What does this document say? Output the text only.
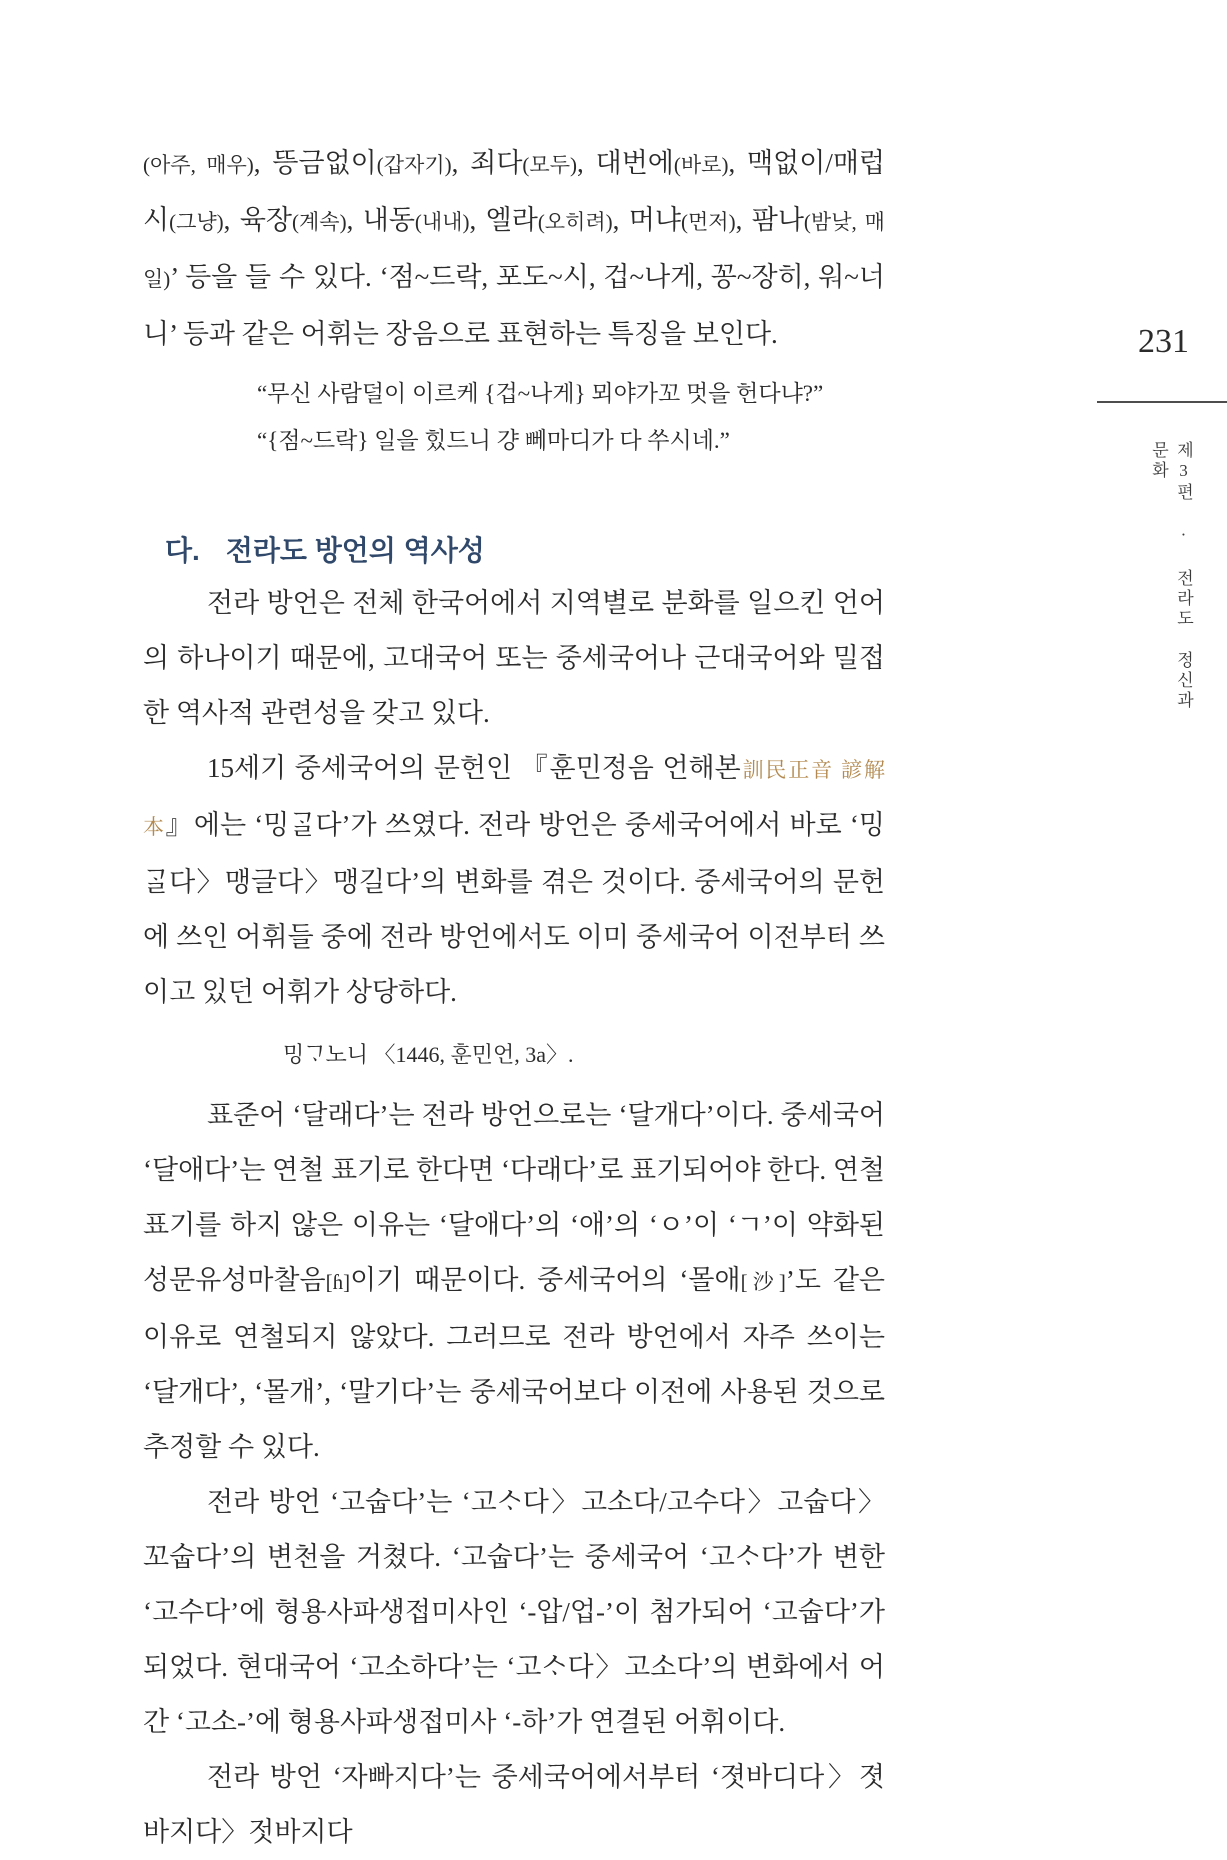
(아주, 매우), 뜽금없이(갑자기), 죄다(모두), 대번에(바로), 맥없이/매럽시(그냥), 육장(계속), 내동(내내), 엘라(오히려), 머냐(먼저), 팜나(밤낮, 매일)’ 등을 들 수 있다. ‘점~드락, 포도~시, 겁~나게, 꽁~장히, 워~너니’ 등과 같은 어휘는 장음으로 표현하는 특징을 보인다.

“무신 사람덜이 이르케 {겁~나게} 뫼야가꼬 멋을 헌다냐?”

“{점~드락} 일을 힜드니 걍 뻬마디가 다 쑤시네.”

다. 전라도 방언의 역사성

전라 방언은 전체 한국어에서 지역별로 분화를 일으킨 언어의 하나이기 때문에, 고대국어 또는 중세국어나 근대국어와 밀접한 역사적 관련성을 갖고 있다.

15세기 중세국어의 문헌인 『훈민정음 언해본訓民正音 諺解本』에는 ‘밍ᄀᆞᆯ다’가 쓰였다. 전라 방언은 중세국어에서 바로 ‘밍ᄀᆞᆯ다〉맹글다〉맹길다’의 변화를 겪은 것이다. 중세국어의 문헌에 쓰인 어휘들 중에 전라 방언에서도 이미 중세국어 이전부터 쓰이고 있던 어휘가 상당하다.

밍ᄀᆞ노니 〈1446, 훈민언, 3a〉.

표준어 ‘달래다’는 전라 방언으로는 ‘달개다’이다. 중세국어 ‘달애다’는 연철 표기로 한다면 ‘다래다’로 표기되어야 한다. 연철 표기를 하지 않은 이유는 ‘달애다’의 ‘애’의 ‘ㅇ’이 ‘ㄱ’이 약화된 성문유성마찰음[ɦ]이기 때문이다. 중세국어의 ‘몰애[沙]’도 같은 이유로 연철되지 않았다. 그러므로 전라 방언에서 자주 쓰이는 ‘달개다’, ‘몰개’, ‘말기다’는 중세국어보다 이전에 사용된 것으로 추정할 수 있다.

전라 방언 ‘고숩다’는 ‘고ᄉᆞ다〉고소다/고수다〉고숩다〉꼬숩다’의 변천을 거쳤다. ‘고숩다’는 중세국어 ‘고ᄉᆞ다’가 변한 ‘고수다’에 형용사파생접미사인 ‘-압/업-’이 첨가되어 ‘고숩다’가 되었다. 현대국어 ‘고소하다’는 ‘고ᄉᆞ다〉고소다’의 변화에서 어간 ‘고소-’에 형용사파생접미사 ‘-하’가 연결된 어휘이다.

전라 방언 ‘자빠지다’는 중세국어에서부터 ‘졋바디다〉졋바지다〉젓바지다

231
제3편 · 전라도 정신과 문화
